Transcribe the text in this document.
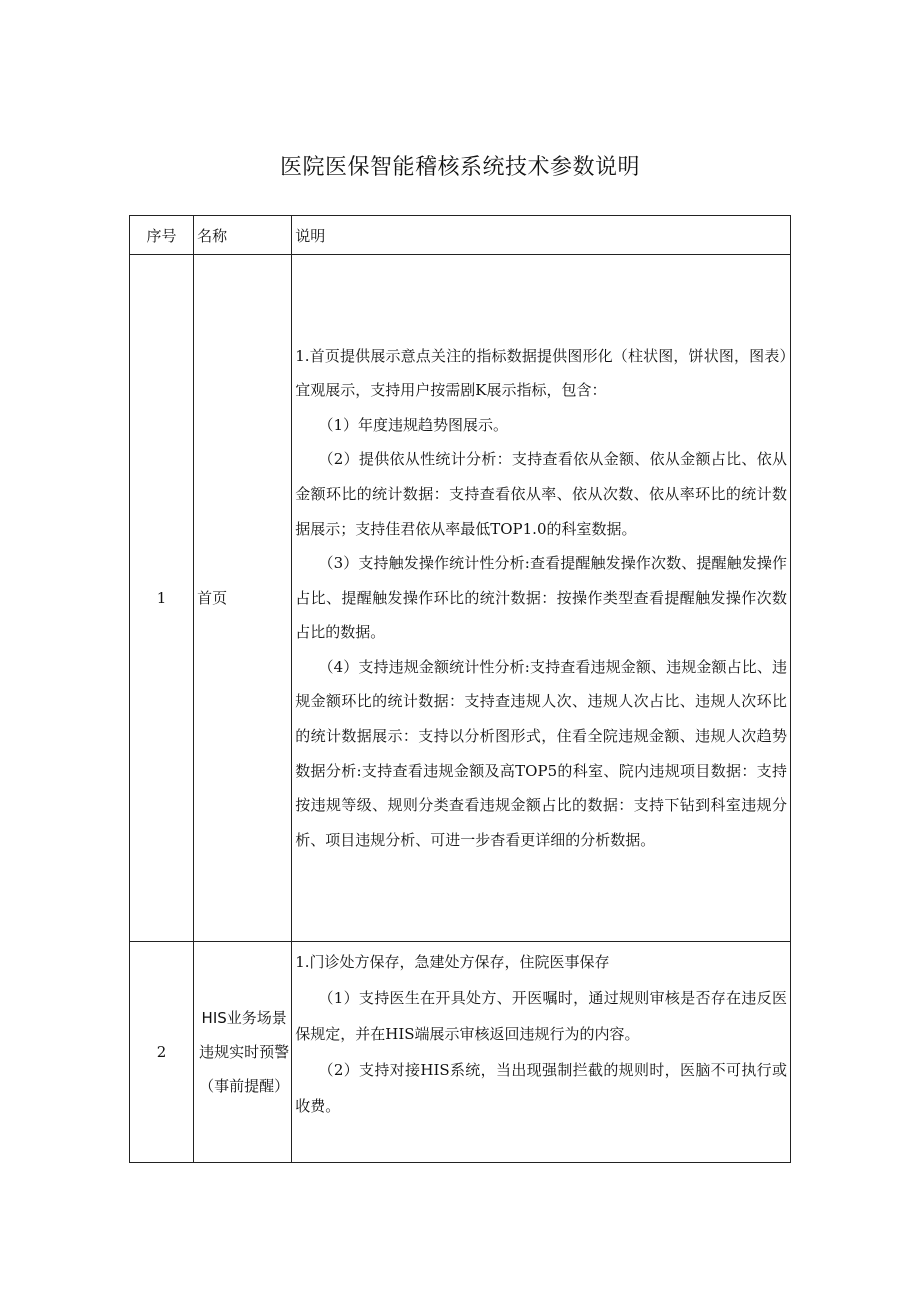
医院医保智能稽核系统技术参数说明
序号	名称	说明
1	首页	1.首页提供展示意点关注的指标数据提供图形化（柱状图，饼状图，图表）宜观展示，支持用户按需剧K展示指标，包含：

（1）年度违规趋势图展示。

（2）提供依从性统计分析：支持查看依从金额、依从金额占比、依从金额环比的统计数据：支持查看依从率、依从次数、依从率环比的统计数据展示；支持佳君依从率最低TOP1.0的科室数据。

（3）支持触发操作统计性分析:查看提醒触发操作次数、提醒触发操作占比、提醒触发操作环比的统汁数据：按操作类型查看提醒触发操作次数占比的数据。

（4）支持违规金额统计性分析:支持查看违规金额、违规金额占比、违规金额环比的统计数据：支持查违规人次、违规人次占比、违规人次环比的统计数据展示：支持以分析图形式，住看全院违规金额、违规人次趋势数据分析:支持查看违规金额及高TOP5的科室、院内违规项目数据：支持按违规等级、规则分类查看违规金额占比的数据：支持下钻到科室违规分析、项目违规分析、可进一步杳看更详细的分析数据。

2	HIS业务场景违规实时预警（事前提醒）	1.门诊处方保存，急建处方保存，住院医事保存

（1）支持医生在开具处方、开医嘱时，通过规则审核是否存在违反医保规定，并在HIS端展示审核返回违规行为的内容。

（2）支持对接HIS系统，当出现强制拦截的规则时，医脑不可执行或收费。
